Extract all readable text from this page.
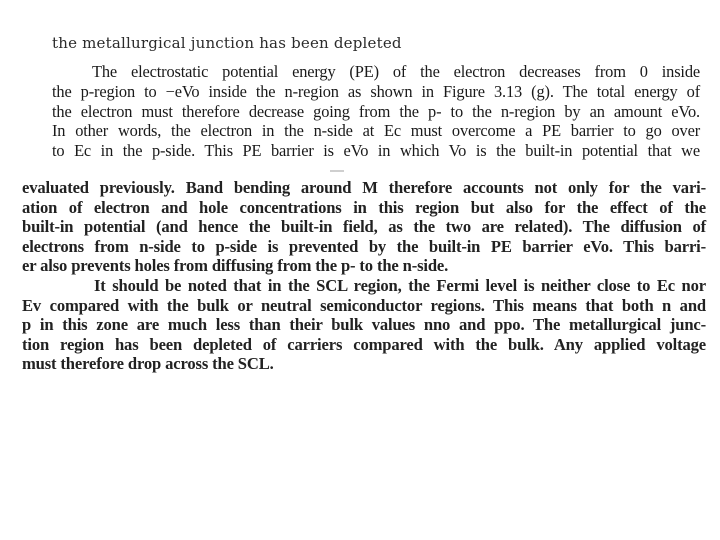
the metallurgical junction has been depleted
The electrostatic potential energy (PE) of the electron decreases from 0 inside
the p-region to −eVo inside the n-region as shown in Figure 3.13 (g). The total energy of
the electron must therefore decrease going from the p- to the n-region by an amount eVo.
In other words, the electron in the n-side at Ec must overcome a PE barrier to go over
to Ec in the p-side. This PE barrier is eVo in which Vo is the built-in potential that we
evaluated previously. Band bending around M therefore accounts not only for the vari-
ation of electron and hole concentrations in this region but also for the effect of the
built-in potential (and hence the built-in field, as the two are related). The diffusion of
electrons from n-side to p-side is prevented by the built-in PE barrier eVo. This barri-
er also prevents holes from diffusing from the p- to the n-side.
It should be noted that in the SCL region, the Fermi level is neither close to Ec nor
Ev compared with the bulk or neutral semiconductor regions. This means that both n and
p in this zone are much less than their bulk values nno and ppo. The metallurgical junc-
tion region has been depleted of carriers compared with the bulk. Any applied voltage
must therefore drop across the SCL.
